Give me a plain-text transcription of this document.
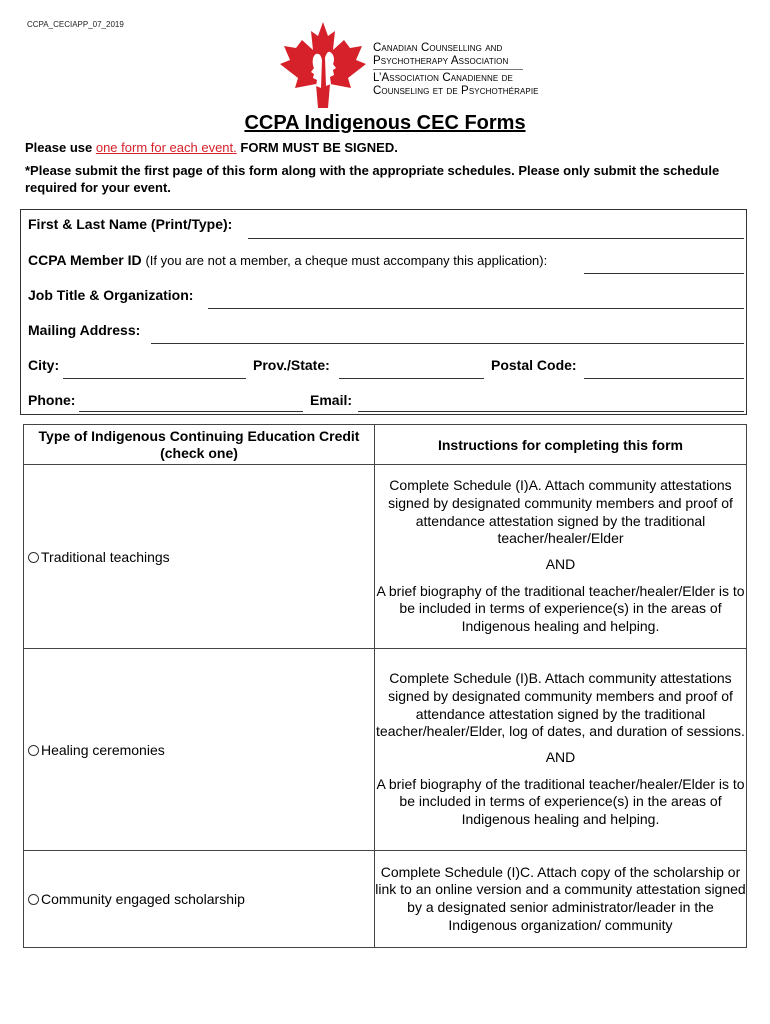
CCPA_CECIAPP_07_2019
Canadian Counselling and
Psychotherapy Association
L’Association Canadienne de
Counseling et de Psychothérapie
CCPA Indigenous CEC Forms
Please use one form for each event. FORM MUST BE SIGNED.
*Please submit the first page of this form along with the appropriate schedules. Please only submit the schedule required for your event.
First & Last Name (Print/Type):
CCPA Member ID (If you are not a member, a cheque must accompany this application):
Job Title & Organization:
Mailing Address:
City:	Prov./State:	Postal Code:
Phone:	Email:
Type of Indigenous Continuing Education Credit (check one)	Instructions for completing this form
Traditional teachings	Complete Schedule (I)A. Attach community attestations signed by designated community members and proof of attendance attestation signed by the traditional teacher/healer/Elder
AND
A brief biography of the traditional teacher/healer/Elder is to be included in terms of experience(s) in the areas of Indigenous healing and helping.

Healing ceremonies	Complete Schedule (I)B. Attach community attestations signed by designated community members and proof of attendance attestation signed by the traditional teacher/healer/Elder, log of dates, and duration of sessions.
AND
A brief biography of the traditional teacher/healer/Elder is to be included in terms of experience(s) in the areas of Indigenous healing and helping.

Community engaged scholarship	Complete Schedule (I)C. Attach copy of the scholarship or link to an online version and a community attestation signed by a designated senior administrator/leader in the Indigenous organization/ community
